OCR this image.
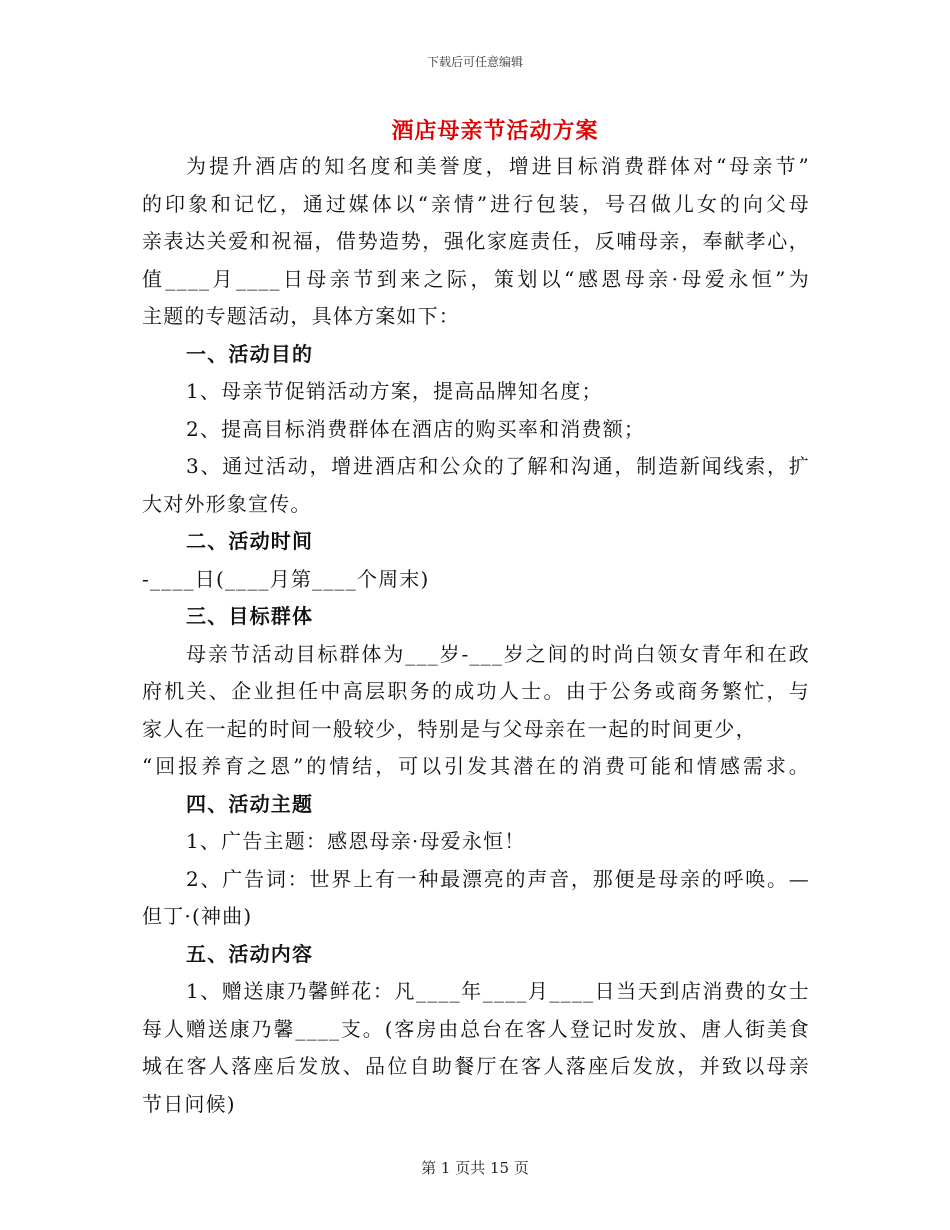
下载后可任意编辑
酒店母亲节活动方案
为提升酒店的知名度和美誉度，增进目标消费群体对“母亲节”
的印象和记忆，通过媒体以“亲情”进行包装，号召做儿女的向父母
亲表达关爱和祝福，借势造势，强化家庭责任，反哺母亲，奉献孝心，
值____月____日母亲节到来之际，策划以“感恩母亲·母爱永恒”为
主题的专题活动，具体方案如下：
一、活动目的
1、母亲节促销活动方案，提高品牌知名度；
2、提高目标消费群体在酒店的购买率和消费额；
3、通过活动，增进酒店和公众的了解和沟通，制造新闻线索，扩
大对外形象宣传。
二、活动时间
-____日(____月第____个周末)
三、目标群体
母亲节活动目标群体为___岁-___岁之间的时尚白领女青年和在政
府机关、企业担任中高层职务的成功人士。由于公务或商务繁忙，与
家人在一起的时间一般较少，特别是与父母亲在一起的时间更少，
“回报养育之恩”的情结，可以引发其潜在的消费可能和情感需求。
四、活动主题
1、广告主题：感恩母亲·母爱永恒！
2、广告词：世界上有一种最漂亮的声音，那便是母亲的呼唤。—
但丁·(神曲)
五、活动内容
1、赠送康乃馨鲜花：凡____年____月____日当天到店消费的女士
每人赠送康乃馨____支。(客房由总台在客人登记时发放、唐人街美食
城在客人落座后发放、品位自助餐厅在客人落座后发放，并致以母亲
节日问候)
第 1 页共 15 页
